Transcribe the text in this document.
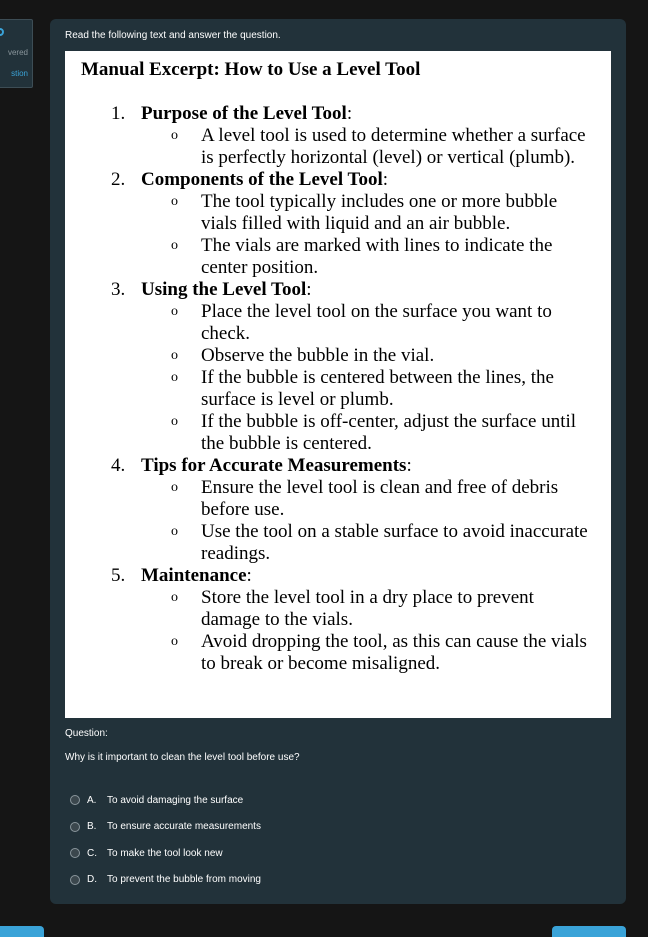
vered
stion
Read the following text and answer the question.
Manual Excerpt: How to Use a Level Tool
1. Purpose of the Level Tool:
o A level tool is used to determine whether a surface is perfectly horizontal (level) or vertical (plumb).
2. Components of the Level Tool:
o The tool typically includes one or more bubble vials filled with liquid and an air bubble.
o The vials are marked with lines to indicate the center position.
3. Using the Level Tool:
o Place the level tool on the surface you want to check.
o Observe the bubble in the vial.
o If the bubble is centered between the lines, the surface is level or plumb.
o If the bubble is off-center, adjust the surface until the bubble is centered.
4. Tips for Accurate Measurements:
o Ensure the level tool is clean and free of debris before use.
o Use the tool on a stable surface to avoid inaccurate readings.
5. Maintenance:
o Store the level tool in a dry place to prevent damage to the vials.
o Avoid dropping the tool, as this can cause the vials to break or become misaligned.
Question:
Why is it important to clean the level tool before use?
A.	To avoid damaging the surface
B.	To ensure accurate measurements
C.	To make the tool look new
D.	To prevent the bubble from moving
